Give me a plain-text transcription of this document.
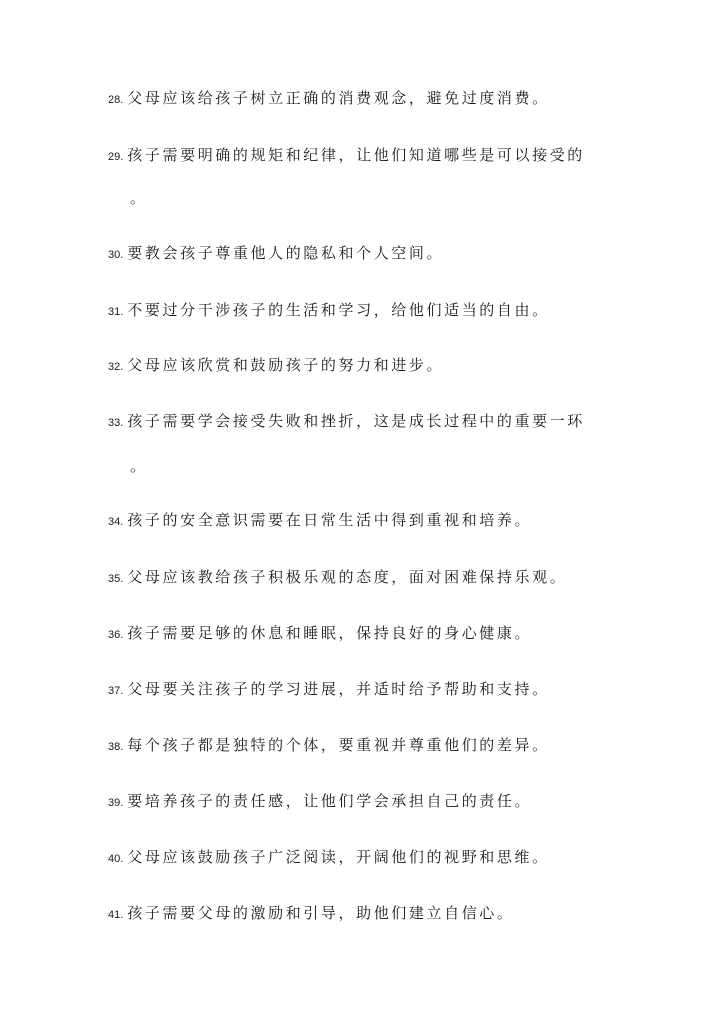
28. 父母应该给孩子树立正确的消费观念，避免过度消费。
29. 孩子需要明确的规矩和纪律，让他们知道哪些是可以接受的
。
30. 要教会孩子尊重他人的隐私和个人空间。
31. 不要过分干涉孩子的生活和学习，给他们适当的自由。
32. 父母应该欣赏和鼓励孩子的努力和进步。
33. 孩子需要学会接受失败和挫折，这是成长过程中的重要一环
。
34. 孩子的安全意识需要在日常生活中得到重视和培养。
35. 父母应该教给孩子积极乐观的态度，面对困难保持乐观。
36. 孩子需要足够的休息和睡眠，保持良好的身心健康。
37. 父母要关注孩子的学习进展，并适时给予帮助和支持。
38. 每个孩子都是独特的个体，要重视并尊重他们的差异。
39. 要培养孩子的责任感，让他们学会承担自己的责任。
40. 父母应该鼓励孩子广泛阅读，开阔他们的视野和思维。
41. 孩子需要父母的激励和引导，助他们建立自信心。
